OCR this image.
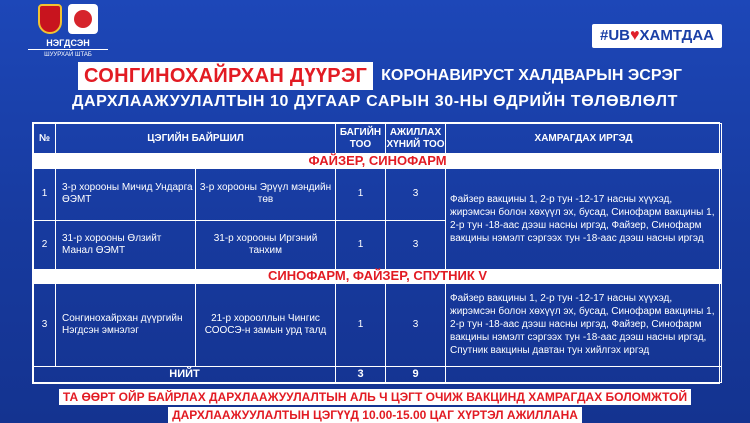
НЭГДСЭН
ШУУРХАЙ ШТАБ
#UB♥ХАМТДАА
СОНГИНОХАЙРХАН ДҮҮРЭГ КОРОНАВИРУСТ ХАЛДВАРЫН ЭСРЭГ
ДАРХЛААЖУУЛАЛТЫН 10 ДУГААР САРЫН 30-НЫ ӨДРИЙН ТӨЛӨВЛӨЛТ
№	ЦЭГИЙН БАЙРШИЛ		БАГИЙН ТОО	АЖИЛЛАХ ХҮНИЙ ТОО	ХАМРАГДАХ ИРГЭД
ФАЙЗЕР, СИНОФАРМ					
1	3-р хорооны Мичид Ундарга ӨЭМТ	3-р хорооны Эрүүл мэндийн төв	1	3	Файзер вакцины 1, 2-р тун -12-17 насны хүүхэд, жирэмсэн болон хөхүүл эх, бусад, Синофарм вакцины 1, 2-р тун -18-аас дээш насны иргэд, Файзер, Синофарм вакцины нэмэлт сэргээх тун -18-аас дээш насны иргэд
2	31-р хорооны Өлзийт Манал ӨЭМТ	31-р хорооны Иргэний танхим	1	3	
СИНОФАРМ, ФАЙЗЕР, СПУТНИК V					
3	Сонгинохайрхан дүүргийн Нэгдсэн эмнэлэг	21-р хорооллын Чингис СООСЭ-н замын урд талд	1	3	Файзер вакцины 1, 2-р тун -12-17 насны хүүхэд, жирэмсэн болон хөхүүл эх, бусад, Синофарм вакцины 1, 2-р тун -18-аас дээш насны иргэд, Файзер, Синофарм вакцины нэмэлт сэргээх тун -18-аас дээш насны иргэд, Спутник вакцины давтан тун хийлгэх иргэд
НИЙТ			3	9	
ТА ӨӨРТ ОЙР БАЙРЛАХ ДАРХЛААЖУУЛАЛТЫН АЛЬ Ч ЦЭГТ ОЧИЖ ВАКЦИНД ХАМРАГДАХ БОЛОМЖТОЙ
ДАРХЛААЖУУЛАЛТЫН ЦЭГҮҮД 10.00-15.00 ЦАГ ХҮРТЭЛ АЖИЛЛАНА
